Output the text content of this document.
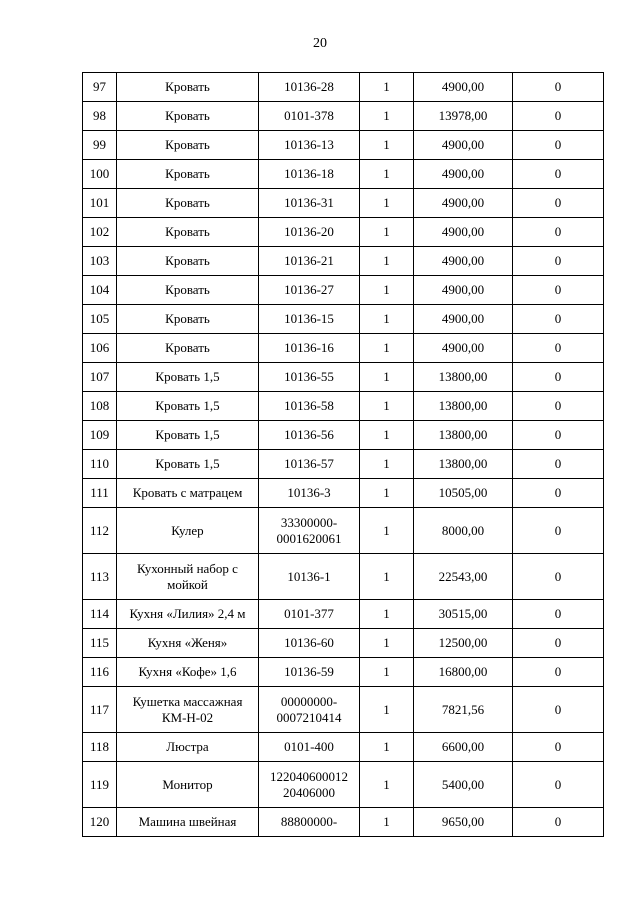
20
97	Кровать	10136-28	1	4900,00	0
98	Кровать	0101-378	1	13978,00	0
99	Кровать	10136-13	1	4900,00	0
100	Кровать	10136-18	1	4900,00	0
101	Кровать	10136-31	1	4900,00	0
102	Кровать	10136-20	1	4900,00	0
103	Кровать	10136-21	1	4900,00	0
104	Кровать	10136-27	1	4900,00	0
105	Кровать	10136-15	1	4900,00	0
106	Кровать	10136-16	1	4900,00	0
107	Кровать 1,5	10136-55	1	13800,00	0
108	Кровать 1,5	10136-58	1	13800,00	0
109	Кровать 1,5	10136-56	1	13800,00	0
110	Кровать 1,5	10136-57	1	13800,00	0
111	Кровать с матрацем	10136-3	1	10505,00	0
112	Кулер	33300000-
0001620061	1	8000,00	0
113	Кухонный набор с
мойкой	10136-1	1	22543,00	0
114	Кухня «Лилия» 2,4 м	0101-377	1	30515,00	0
115	Кухня «Женя»	10136-60	1	12500,00	0
116	Кухня «Кофе» 1,6	10136-59	1	16800,00	0
117	Кушетка массажная
КМ-Н-02	00000000-
0007210414	1	7821,56	0
118	Люстра	0101-400	1	6600,00	0
119	Монитор	122040600012
20406000	1	5400,00	0
120	Машина швейная	88800000-	1	9650,00	0
